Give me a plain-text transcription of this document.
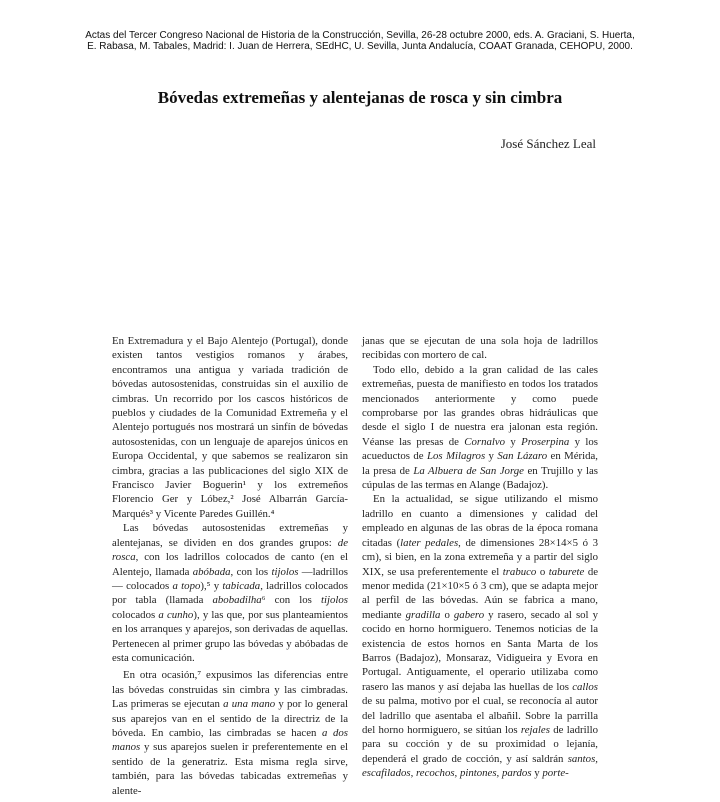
Actas del Tercer Congreso Nacional de Historia de la Construcción, Sevilla, 26-28 octubre 2000, eds. A. Graciani, S. Huerta,
E. Rabasa, M. Tabales, Madrid: I. Juan de Herrera, SEdHC, U. Sevilla, Junta Andalucía, COAAT Granada, CEHOPU, 2000.
Bóvedas extremeñas y alentejanas de rosca y sin cimbra
José Sánchez Leal

En Extremadura y el Bajo Alentejo (Portugal), donde existen tantos vestigios romanos y árabes, encontramos una antigua y variada tradición de bóvedas autosostenidas, construidas sin el auxilio de cimbras. Un recorrido por los cascos históricos de pueblos y ciudades de la Comunidad Extremeña y el Alentejo portugués nos mostrará un sinfín de bóvedas autosostenidas, con un lenguaje de aparejos únicos en Europa Occidental, y que sabemos se realizaron sin cimbra, gracias a las publicaciones del siglo XIX de Francisco Javier Boguerin¹ y los extremeños Florencio Ger y Lóbez,² José Albarrán García-Marqués³ y Vicente Paredes Guillén.⁴

Las bóvedas autosostenidas extremeñas y alentejanas, se dividen en dos grandes grupos: de rosca, con los ladrillos colocados de canto (en el Alentejo, llamada abóbada, con los tijolos —ladrillos— colocados a topo),⁵ y tabicada, ladrillos colocados por tabla (llamada abobadilha⁶ con los tijolos colocados a cunho), y las que, por sus planteamientos en los arranques y aparejos, son derivadas de aquellas. Pertenecen al primer grupo las bóvedas y abóbadas de esta comunicación.

En otra ocasión,⁷ expusimos las diferencias entre las bóvedas construidas sin cimbra y las cimbradas. Las primeras se ejecutan a una mano y por lo general sus aparejos van en el sentido de la directriz de la bóveda. En cambio, las cimbradas se hacen a dos manos y sus aparejos suelen ir preferentemente en el sentido de la generatriz. Esta misma regla sirve, también, para las bóvedas tabicadas extremeñas y alente-

janas que se ejecutan de una sola hoja de ladrillos recibidas con mortero de cal.

Todo ello, debido a la gran calidad de las cales extremeñas, puesta de manifiesto en todos los tratados mencionados anteriormente y como puede comprobarse por las grandes obras hidráulicas que desde el siglo I de nuestra era jalonan esta región. Véanse las presas de Cornalvo y Proserpina y los acueductos de Los Milagros y San Lázaro en Mérida, la presa de La Albuera de San Jorge en Trujillo y las cúpulas de las termas en Alange (Badajoz).

En la actualidad, se sigue utilizando el mismo ladrillo en cuanto a dimensiones y calidad del empleado en algunas de las obras de la época romana citadas (later pedales, de dimensiones 28×14×5 ó 3 cm), si bien, en la zona extremeña y a partir del siglo XIX, se usa preferentemente el trabuco o taburete de menor medida (21×10×5 ó 3 cm), que se adapta mejor al perfil de las bóvedas. Aún se fabrica a mano, mediante gradilla o gabero y rasero, secado al sol y cocido en horno hormiguero. Tenemos noticias de la existencia de estos hornos en Santa Marta de los Barros (Badajoz), Monsaraz, Vidigueira y Evora en Portugal. Antiguamente, el operario utilizaba como rasero las manos y así dejaba las huellas de los callos de su palma, motivo por el cual, se reconocía al autor del ladrillo que asentaba el albañil. Sobre la parrilla del horno hormiguero, se sitúan los rejales de ladrillo para su cocción y de su proximidad o lejanía, dependerá el grado de cocción, y así saldrán santos, escafilados, recochos, pintones, pardos y porte-
